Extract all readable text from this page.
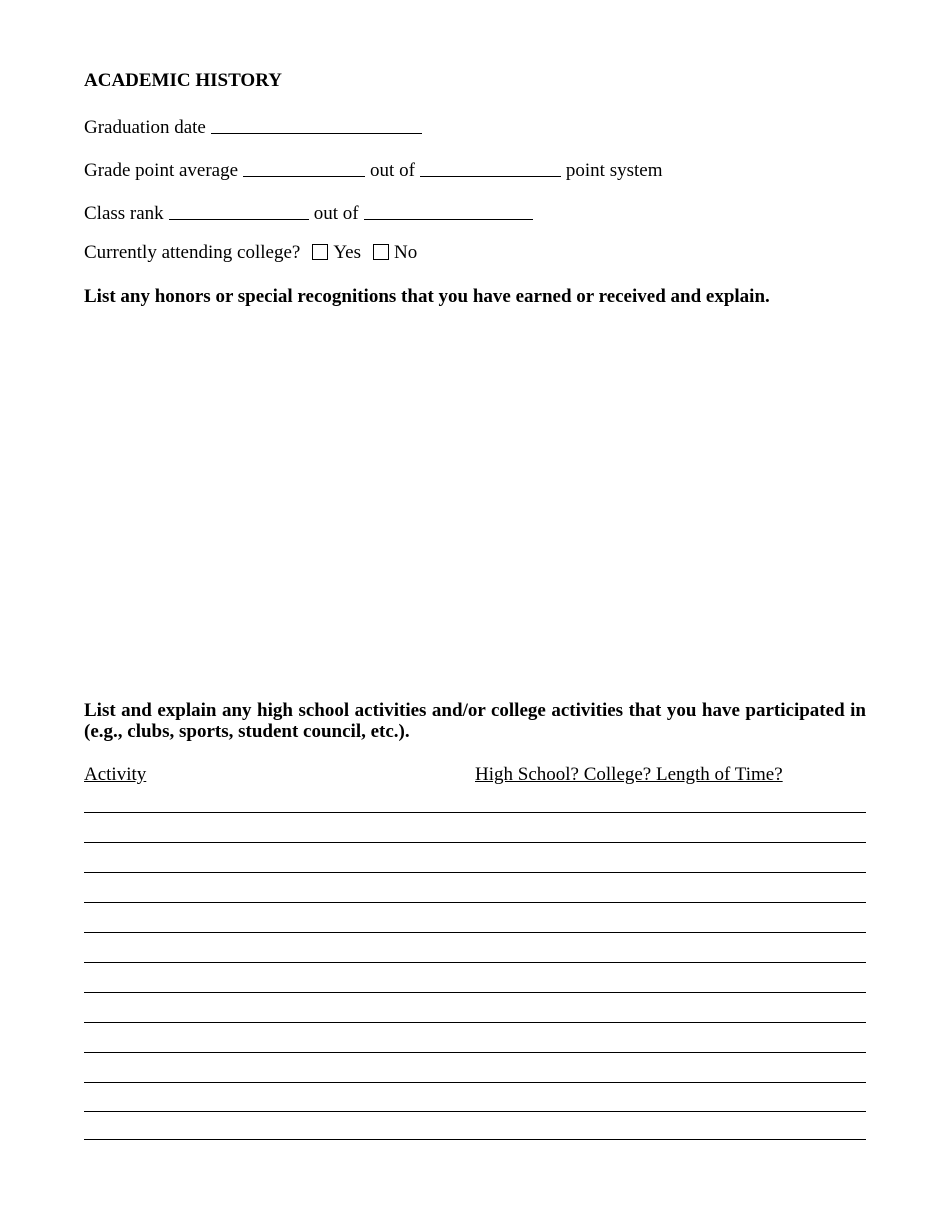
ACADEMIC HISTORY
Graduation date
Grade point average	out of	point system
Class rank	out of
Currently attending college? Yes No
List any honors or special recognitions that you have earned or received and explain.
List and explain any high school activities and/or college activities that you have participated in (e.g., clubs, sports, student council, etc.).
Activity	High School? College? Length of Time?
